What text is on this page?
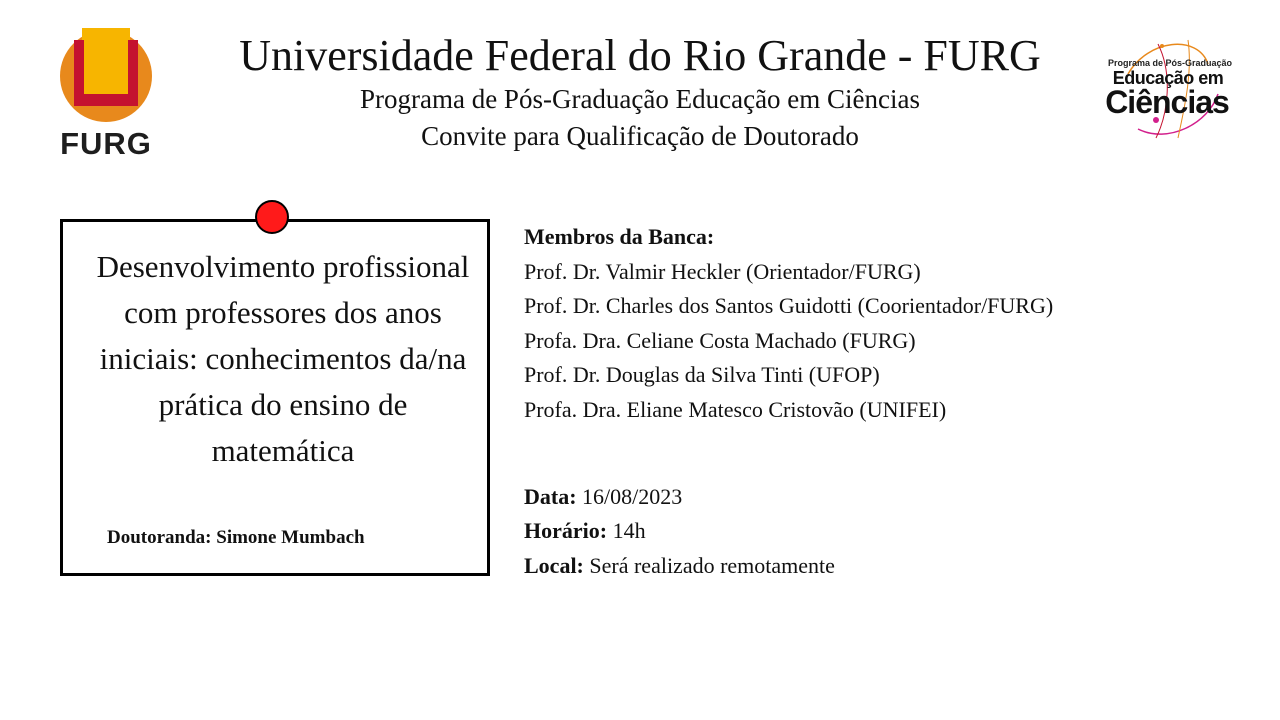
FURG
Universidade Federal do Rio Grande - FURG
Programa de Pós-Graduação Educação em Ciências
Convite para Qualificação de Doutorado
Programa de Pós-Graduação
Educação em
Ciências
Desenvolvimento profissional com professores dos anos iniciais: conhecimentos da/na prática do ensino de matemática
Doutoranda: Simone Mumbach

Membros da Banca:

Prof. Dr. Valmir Heckler (Orientador/FURG)

Prof. Dr. Charles dos Santos Guidotti (Coorientador/FURG)

Profa. Dra. Celiane Costa Machado (FURG)

Prof. Dr. Douglas da Silva Tinti (UFOP)

Profa. Dra. Eliane Matesco Cristovão (UNIFEI)

Data: 16/08/2023

Horário: 14h

Local: Será realizado remotamente
